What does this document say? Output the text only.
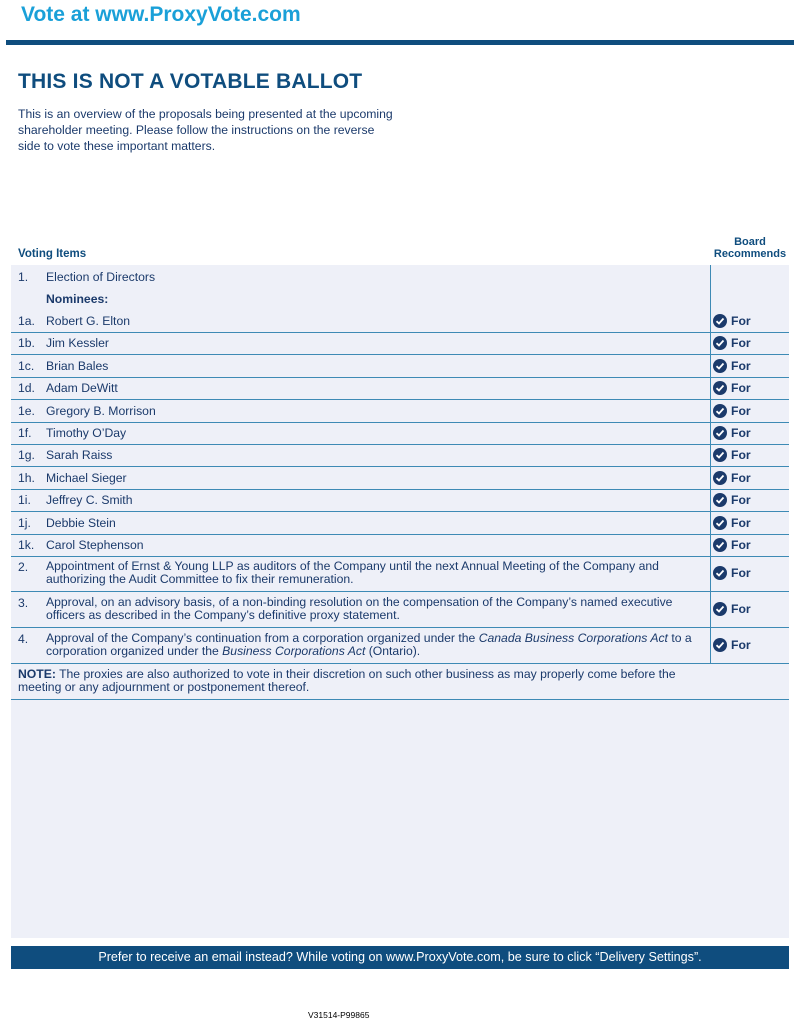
Vote at www.ProxyVote.com
THIS IS NOT A VOTABLE BALLOT
This is an overview of the proposals being presented at the upcoming shareholder meeting. Please follow the instructions on the reverse side to vote these important matters.
Voting Items
Board
Recommends
1. Election of Directors
Nominees:
1a. Robert G. Elton	For
1b. Jim Kessler	For
1c. Brian Bales	For
1d. Adam DeWitt	For
1e. Gregory B. Morrison	For
1f. Timothy O’Day	For
1g. Sarah Raiss	For
1h. Michael Sieger	For
1i. Jeffrey C. Smith	For
1j. Debbie Stein	For
1k. Carol Stephenson	For
2. Appointment of Ernst & Young LLP as auditors of the Company until the next Annual Meeting of the Company and authorizing the Audit Committee to fix their remuneration.	For
3. Approval, on an advisory basis, of a non-binding resolution on the compensation of the Company’s named executive officers as described in the Company’s definitive proxy statement.	For
4. Approval of the Company’s continuation from a corporation organized under the Canada Business Corporations Act to a corporation organized under the Business Corporations Act (Ontario).	For
NOTE: The proxies are also authorized to vote in their discretion on such other business as may properly come before the meeting or any adjournment or postponement thereof.
Prefer to receive an email instead? While voting on www.ProxyVote.com, be sure to click “Delivery Settings”.
V31514-P99865
